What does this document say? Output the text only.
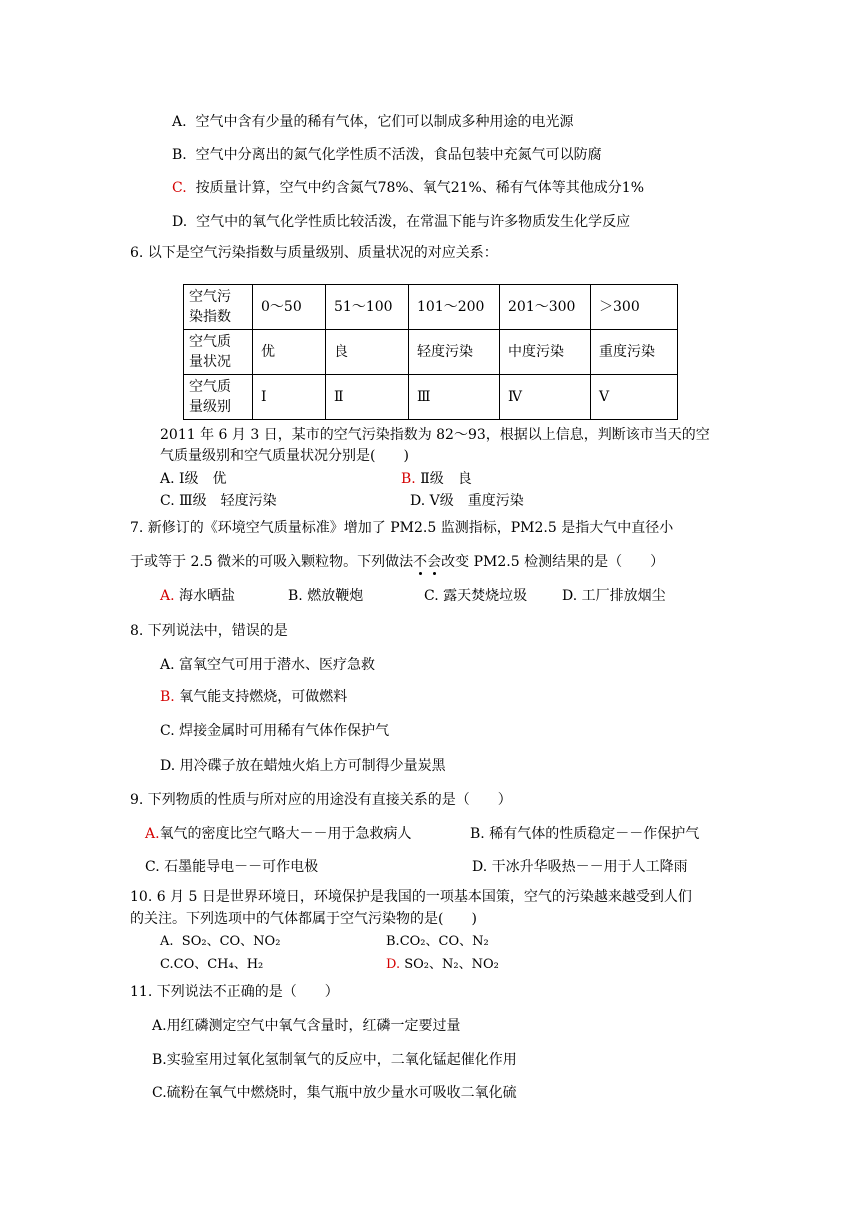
A. 空气中含有少量的稀有气体，它们可以制成多种用途的电光源
B. 空气中分离出的氮气化学性质不活泼，食品包装中充氮气可以防腐
C. 按质量计算，空气中约含氮气78%、氧气21%、稀有气体等其他成分1%
D. 空气中的氧气化学性质比较活泼，在常温下能与许多物质发生化学反应
6. 以下是空气污染指数与质量级别、质量状况的对应关系：
空气污
染指数	0～50	51～100	101～200	201～300	＞300
空气质
量状况	优	良	轻度污染	中度污染	重度污染
空气质
量级别	Ⅰ	Ⅱ	Ⅲ	Ⅳ	Ⅴ
2011 年 6 月 3 日，某市的空气污染指数为 82～93，根据以上信息，判断该市当天的空
气质量级别和空气质量状况分别是(　　)
A. Ⅰ级　优	B. Ⅱ级　良
C. Ⅲ级　轻度污染	D. Ⅴ级　重度污染
7. 新修订的《环境空气质量标准》增加了 PM2.5 监测指标，PM2.5 是指大气中直径小
于或等于 2.5 微米的可吸入颗粒物。下列做法不会改变 PM2.5 检测结果的是（　　）
A. 海水晒盐	B. 燃放鞭炮	C. 露天焚烧垃圾 D. 工厂排放烟尘
8. 下列说法中，错误的是
A. 富氧空气可用于潜水、医疗急救
B. 氧气能支持燃烧，可做燃料
C. 焊接金属时可用稀有气体作保护气
D. 用冷碟子放在蜡烛火焰上方可制得少量炭黑
9. 下列物质的性质与所对应的用途没有直接关系的是（　　）
A.氧气的密度比空气略大－－用于急救病人	B. 稀有气体的性质稳定－－作保护气
C. 石墨能导电－－可作电极	D. 干冰升华吸热－－用于人工降雨
10. 6 月 5 日是世界环境日，环境保护是我国的一项基本国策，空气的污染越来越受到人们
的关注。下列选项中的气体都属于空气污染物的是(　　)
A. SO₂、CO、NO₂	B.CO₂、CO、N₂
C.CO、CH₄、H₂	D. SO₂、N₂、NO₂
11. 下列说法不正确的是（　　）
A.用红磷测定空气中氧气含量时，红磷一定要过量
B.实验室用过氧化氢制氧气的反应中，二氧化锰起催化作用
C.硫粉在氧气中燃烧时，集气瓶中放少量水可吸收二氧化硫
